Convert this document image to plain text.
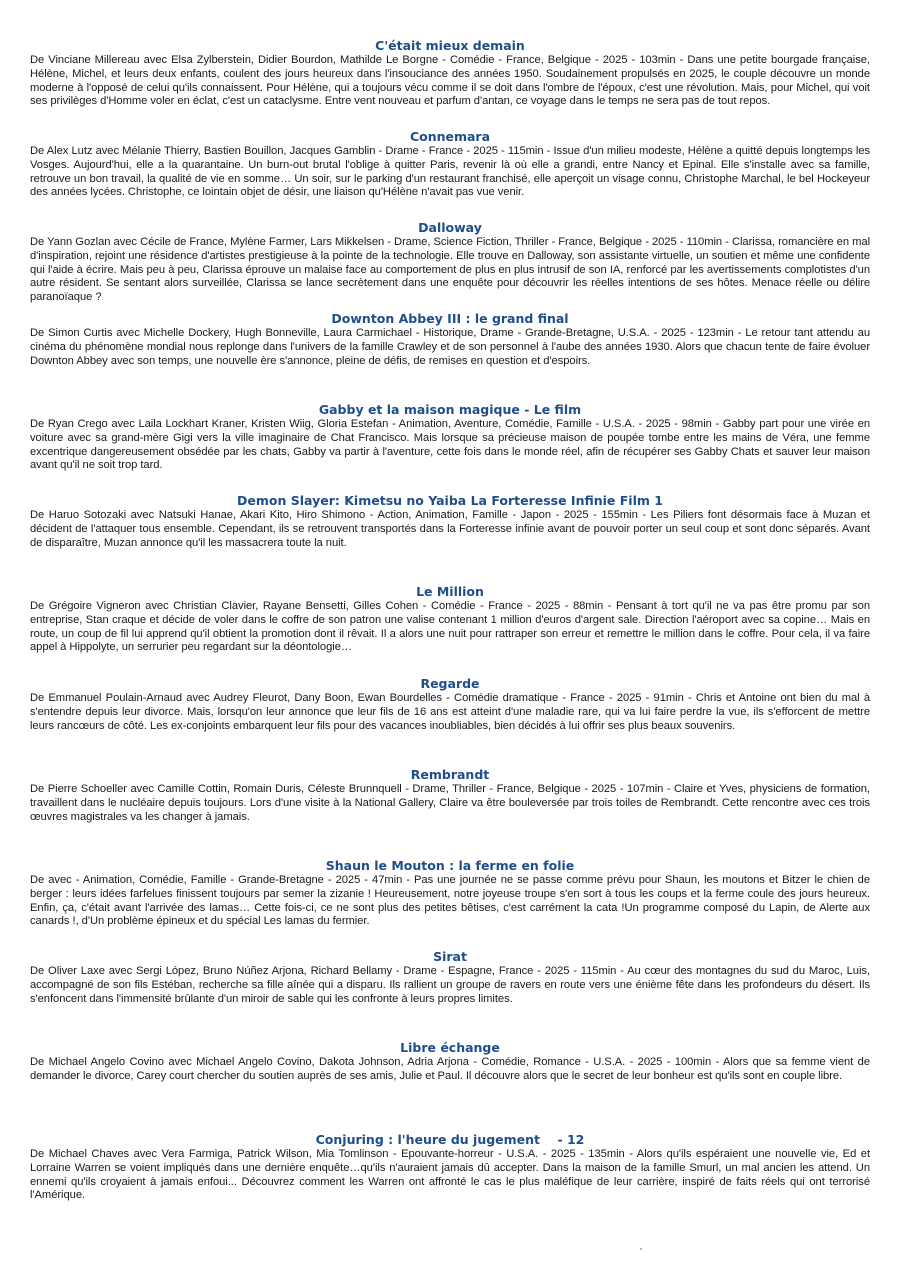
C'était mieux demain

De Vinciane Millereau avec Elsa Zylberstein, Didier Bourdon, Mathilde Le Borgne - Comédie - France, Belgique - 2025 - 103min - Dans une petite bourgade française, Hélène, Michel, et leurs deux enfants, coulent des jours heureux dans l'insouciance des années 1950. Soudainement propulsés en 2025, le couple découvre un monde moderne à l'opposé de celui qu'ils connaissent. Pour Hélène, qui a toujours vécu comme il se doit dans l'ombre de l'époux, c'est une révolution. Mais, pour Michel, qui voit ses privilèges d'Homme voler en éclat, c'est un cataclysme. Entre vent nouveau et parfum d'antan, ce voyage dans le temps ne sera pas de tout repos.

Connemara

De Alex Lutz avec Mélanie Thierry, Bastien Bouillon, Jacques Gamblin - Drame - France - 2025 - 115min - Issue d'un milieu modeste, Hélène a quitté depuis longtemps les Vosges. Aujourd'hui, elle a la quarantaine. Un burn-out brutal l'oblige à quitter Paris, revenir là où elle a grandi, entre Nancy et Epinal. Elle s'installe avec sa famille, retrouve un bon travail, la qualité de vie en somme… Un soir, sur le parking d'un restaurant franchisé, elle aperçoit un visage connu, Christophe Marchal, le bel Hockeyeur des années lycées. Christophe, ce lointain objet de désir, une liaison qu'Hélène n'avait pas vue venir.

Dalloway

De Yann Gozlan avec Cécile de France, Mylène Farmer, Lars Mikkelsen - Drame, Science Fiction, Thriller - France, Belgique - 2025 - 110min - Clarissa, romancière en mal d'inspiration, rejoint une résidence d'artistes prestigieuse à la pointe de la technologie. Elle trouve en Dalloway, son assistante virtuelle, un soutien et même une confidente qui l'aide à écrire. Mais peu à peu, Clarissa éprouve un malaise face au comportement de plus en plus intrusif de son IA, renforcé par les avertissements complotistes d'un autre résident. Se sentant alors surveillée, Clarissa se lance secrètement dans une enquête pour découvrir les réelles intentions de ses hôtes. Menace réelle ou délire paranoïaque ?

Downton Abbey III : le grand final

De Simon Curtis avec Michelle Dockery, Hugh Bonneville, Laura Carmichael - Historique, Drame - Grande-Bretagne, U.S.A. - 2025 - 123min - Le retour tant attendu au cinéma du phénomène mondial nous replonge dans l'univers de la famille Crawley et de son personnel à l'aube des années 1930. Alors que chacun tente de faire évoluer Downton Abbey avec son temps, une nouvelle ère s'annonce, pleine de défis, de remises en question et d'espoirs.

Gabby et la maison magique - Le film

De Ryan Crego avec Laila Lockhart Kraner, Kristen Wiig, Gloria Estefan - Animation, Aventure, Comédie, Famille - U.S.A. - 2025 - 98min - Gabby part pour une virée en voiture avec sa grand-mère Gigi vers la ville imaginaire de Chat Francisco. Mais lorsque sa précieuse maison de poupée tombe entre les mains de Véra, une femme excentrique dangereusement obsédée par les chats, Gabby va partir à l'aventure, cette fois dans le monde réel, afin de récupérer ses Gabby Chats et sauver leur maison avant qu'il ne soit trop tard.

Demon Slayer: Kimetsu no Yaiba La Forteresse Infinie Film 1

De Haruo Sotozaki avec Natsuki Hanae, Akari Kito, Hiro Shimono - Action, Animation, Famille - Japon - 2025 - 155min - Les Piliers font désormais face à Muzan et décident de l'attaquer tous ensemble. Cependant, ils se retrouvent transportés dans la Forteresse infinie avant de pouvoir porter un seul coup et sont donc séparés. Avant de disparaître, Muzan annonce qu'il les massacrera toute la nuit.

Le Million

De Grégoire Vigneron avec Christian Clavier, Rayane Bensetti, Gilles Cohen - Comédie - France - 2025 - 88min - Pensant à tort qu'il ne va pas être promu par son entreprise, Stan craque et décide de voler dans le coffre de son patron une valise contenant 1 million d'euros d'argent sale. Direction l'aéroport avec sa copine… Mais en route, un coup de fil lui apprend qu'il obtient la promotion dont il rêvait. Il a alors une nuit pour rattraper son erreur et remettre le million dans le coffre. Pour cela, il va faire appel à Hippolyte, un serrurier peu regardant sur la déontologie…

Regarde

De Emmanuel Poulain-Arnaud avec Audrey Fleurot, Dany Boon, Ewan Bourdelles - Comédie dramatique - France - 2025 - 91min - Chris et Antoine ont bien du mal à s'entendre depuis leur divorce. Mais, lorsqu'on leur annonce que leur fils de 16 ans est atteint d'une maladie rare, qui va lui faire perdre la vue, ils s'efforcent de mettre leurs rancœurs de côté. Les ex-conjoints embarquent leur fils pour des vacances inoubliables, bien décidés à lui offrir ses plus beaux souvenirs.

Rembrandt

De Pierre Schoeller avec Camille Cottin, Romain Duris, Céleste Brunnquell - Drame, Thriller - France, Belgique - 2025 - 107min - Claire et Yves, physiciens de formation, travaillent dans le nucléaire depuis toujours. Lors d'une visite à la National Gallery, Claire va être bouleversée par trois toiles de Rembrandt. Cette rencontre avec ces trois œuvres magistrales va les changer à jamais.

Shaun le Mouton : la ferme en folie

De avec - Animation, Comédie, Famille - Grande-Bretagne - 2025 - 47min - Pas une journée ne se passe comme prévu pour Shaun, les moutons et Bitzer le chien de berger : leurs idées farfelues finissent toujours par semer la zizanie ! Heureusement, notre joyeuse troupe s'en sort à tous les coups et la ferme coule des jours heureux. Enfin, ça, c'était avant l'arrivée des lamas… Cette fois-ci, ce ne sont plus des petites bêtises, c'est carrément la cata !Un programme composé du Lapin, de Alerte aux canards !, d'Un problème épineux et du spécial Les lamas du fermier.

Sirat

De Oliver Laxe avec Sergi López, Bruno Núñez Arjona, Richard Bellamy - Drame - Espagne, France - 2025 - 115min - Au cœur des montagnes du sud du Maroc, Luis, accompagné de son fils Estéban, recherche sa fille aînée qui a disparu. Ils rallient un groupe de ravers en route vers une énième fête dans les profondeurs du désert. Ils s'enfoncent dans l'immensité brûlante d'un miroir de sable qui les confronte à leurs propres limites.

Libre échange

De Michael Angelo Covino avec Michael Angelo Covino, Dakota Johnson, Adria Arjona - Comédie, Romance - U.S.A. - 2025 - 100min - Alors que sa femme vient de demander le divorce, Carey court chercher du soutien auprès de ses amis, Julie et Paul. Il découvre alors que le secret de leur bonheur est qu'ils sont en couple libre.

Conjuring : l'heure du jugement    - 12

De Michael Chaves avec Vera Farmiga, Patrick Wilson, Mia Tomlinson - Epouvante-horreur - U.S.A. - 2025 - 135min - Alors qu'ils espéraient une nouvelle vie, Ed et Lorraine Warren se voient impliqués dans une dernière enquête…qu'ils n'auraient jamais dû accepter. Dans la maison de la famille Smurl, un mal ancien les attend. Un ennemi qu'ils croyaient à jamais enfoui... Découvrez comment les Warren ont affronté le cas le plus maléfique de leur carrière, inspiré de faits réels qui ont terrorisé l'Amérique.
